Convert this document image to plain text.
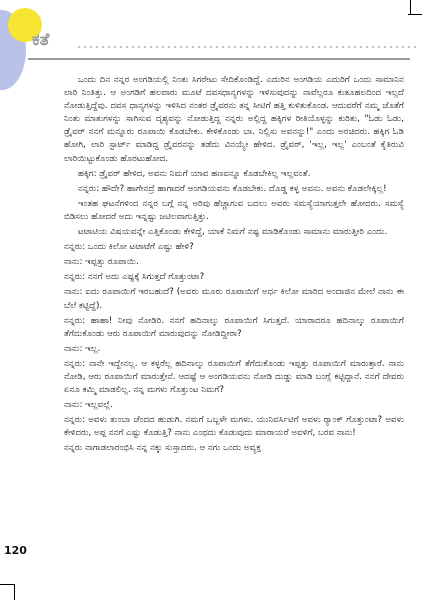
ಕತೆ

ಒಂದು ದಿನ ನನ್ನರ ಅಂಗಡಿಯಲ್ಲಿ ನಿಂತು ಸಿಗರೇಟು ಸೇದಿಕೊಂಡಿದ್ದೆ. ಎದುರಿನ ಅಂಗಡಿಯ ಎದುರಿಗೆ ಒಂದು ಸಾಮಾನಿನ ಲಾರಿ ನಿಂತಿತ್ತು. ಆ ಅಂಗಡಿಗೆ ಹಲವಾರು ಮೂಟೆ ದವಸಧಾನ್ಯಗಳನ್ನು ಇಳಿಸುವುದನ್ನು ನಾವೆಲ್ಲರೂ ಕುತೂಹಲದಿಂದ ಇಲ್ಲದೆ ನೋಡುತ್ತಿದ್ದೆವು. ದವಸ ಧಾನ್ಯಗಳನ್ನು ಇಳಿಸಿದ ನಂತರ ಡ್ರೈವರನು ತನ್ನ ಸೀಟಿಗೆ ಹತ್ತಿ ಕುಳಿತುಕೊಂಡ. ಆದುವರೆಗೆ ನಮ್ಮ ಜೊತೆಗೆ ನಿಂತು ಮಾತುಗಳನ್ನು ಸಾಗಿಸುವ ದೃಶ್ಯವನ್ನು ನೋಡುತ್ತಿದ್ದ ನನ್ನರು ಅಲ್ಲಿದ್ದ ಹಕ್ಕಿಗಳ ರೀತಿಯೊಳ್ಳನ್ನು ಕುರಿತು, "ಓಡು ಓಡು, ಡ್ರೈವರ್ ನನಗೆ ಮನ್ನೂರು ರೂಪಾಯಿ ಕೊಡಬೇಕು. ಕೇಳಿಕೊಂಡು ಬಾ. ನಿಲ್ಲಿಸು ಅವನನ್ನು!" ಎಂದು ಅರಚಿದರು. ಹಕ್ಕಿಗ ಓಡಿ ಹೋಗಿ, ಲಾರಿ ಸ್ಟಾರ್ಟ್ ಮಾಡಿದ್ದ ಡ್ರೈವರನನ್ನು ತಡೆದು ವಿನಯ್ಯೇ ಹೇಳಿದ. ಡ್ರೈವರ್, 'ಇಲ್ಲ, ಇಲ್ಲ' ಎಂಬಂತೆ ಕೈತಿರುವಿ ಲಾರಿಯಿಟ್ಟುಕೊಂಡು ಹೊರಟುಹೋದ.

ಹಕ್ಕಿಗ: ಡ್ರೈವರ್ ಹೇಳಿದ, ಅವನು ನಿಮಗೆ ಯಾವ ಹಣವನ್ನೂ ಕೊಡಬೇಕಿಲ್ಲ ಇಲ್ಲವಂತೆ.

ನನ್ನರು: ಹೌದೇ? ಹಾಗೇನದ್ರೆ ಹಾಗಾದರೆ ಅಂಗಡಿಯವನು ಕೊಡಬೇಕು. ದೊಡ್ಡ ಕಳ್ಳ ಅವನು. ಅವನು ಕೊಡಲೇಕ್ಕಿಲ್ಲ!

ಇಂತಹ ಘಟನೆಗಳಿಂದ ನನ್ನರ ಬಗ್ಗೆ ನನ್ನ ಅರಿವು ಹೆಚ್ಚಾಗುವ ಬದಲು ಅವರು ಸಮಸ್ಯೆಯಾಗುತ್ತಲೇ ಹೋದರು. ಸಮಸ್ಯೆ ಬಿಡಿಸಲು ಹೋದರೆ ಅದು ಇನ್ನಷ್ಟು ಜಟಿಲವಾಗುತ್ತಿತ್ತು.

ಟಟಾಟಿಯ ವಿಷಯವನ್ನೇ ಎತ್ತಿಕೊಂಡು ಕೇಳಿದ್ದೆ, ಯಾಕೆ ನಿಮಗೆ ನಷ್ಟ ಮಾಡಿಕೊಂಡು ಸಾಮಾನು ಮಾರುತ್ತೀರಿ ಎಂದು.

ನನ್ನರು: ಒಂದು ಕಿಲೋ ಟಟಾಟೆಗೆ ಎಷ್ಟು ಹೇಳಿ?

ನಾನು: ಇಪ್ಪತ್ತು ರೂಪಾಯಿ.

ನನ್ನರು: ನನಗೆ ಅದು ಎಷ್ಟಕ್ಕೆ ಸಿಗುತ್ತದೆ ಗೊತ್ತುಂಟಾ?

ನಾನು: ಐದು ರೂಪಾಯಿಗೆ ಇರಬಹುದೆ? (ಅವರು ಮೂರು ರೂಪಾಯಿಗೆ ಅರ್ಧ ಕಿಲೋ ಮಾರಿದ ಅಂದಾಜಿನ ಮೇಲೆ ನಾನು ಈ ಬೆಲೆ ಕಟ್ಟಿದ್ದೆ).

ನನ್ನರು: ಹಾಹಾ! ನೀವು ನೋಡಿರಿ. ನನಗೆ ಹದಿನಾಲ್ಕು ರೂಪಾಯಿಗೆ ಸಿಗುತ್ತದೆ. ಯಾರಾದರೂ ಹದಿನಾಲ್ಕು ರೂಪಾಯಿಗೆ ತೆಗೆದುಕೊಂಡು ಆರು ರೂಪಾಯಿಗೆ ಮಾರುವುದನ್ನು ನೋಡಿದ್ದೀರಾ?

ನಾನು: ಇಲ್ಲ.

ನನ್ನರು: ನಾನೇ ಇದ್ದೇನಲ್ಲ. ಆ ಕಳ್ಳರೆಲ್ಲ ಹದಿನಾಲ್ಕು ರೂಪಾಯಿಗೆ ತೆಗೆದುಕೊಂಡು ಇಪ್ಪತ್ತು ರೂಪಾಯಿಗೆ ಮಾರುತ್ತಾರೆ. ನಾನು ನೋಡಿ, ಆರು ರೂಪಾಯಿಗೆ ಮಾರುತ್ತೇನೆ. ಆದಷ್ಟೆ ಆ ಅಂಗಡಿಯವನು ನೋಡಿ ದುಡ್ಡು ಮಾಡಿ ಬಂಗ್ಲೆ ಕಟ್ಟಿದ್ದಾನೆ. ನನಗೆ ದೇವರು ಏನೂ ಕಮ್ಮಿ ಮಾಡಲಿಲ್ಲ. ನನ್ನ ಮಗಳು ಗೊತ್ತುಂಟ ನಿಮಗೆ?

ನಾನು: ಇಲ್ಲವಲ್ಲೆ.

ನನ್ನರು: ಅವಳು ತುಂಬಾ ಚೆಂದದ ಹುಡುಗಿ. ನಮಗೆ ಒಬ್ಬಳೇ ಮಗಳು. ಯುನಿವರ್ಸಿಟಿಗೆ ಅವಳು ರ್‍ಯಾಂಕ್ ಗೊತ್ತುಂಟಾ? ಅವಳು ಕೇಳಿದರು, ಅಪ್ಪ ನನಗೆ ಎಷ್ಟು ಕೊಡುತ್ತಿ? ನಾನು ಎಂಥದು ಕೊಡುವುದು ಮಾರಾಯರೆ ಅವಳಿಗೆ, ಬರವ ನಾನು!

ನನ್ನರು ನಾಗಾಡಲಾರಂಭಿಸಿ ನನ್ನ ನಕ್ಕು ಸುಸ್ತಾದರು. ಆ ನಗು ಒಂದು ಅವ್ಯಕ್ತ

120
